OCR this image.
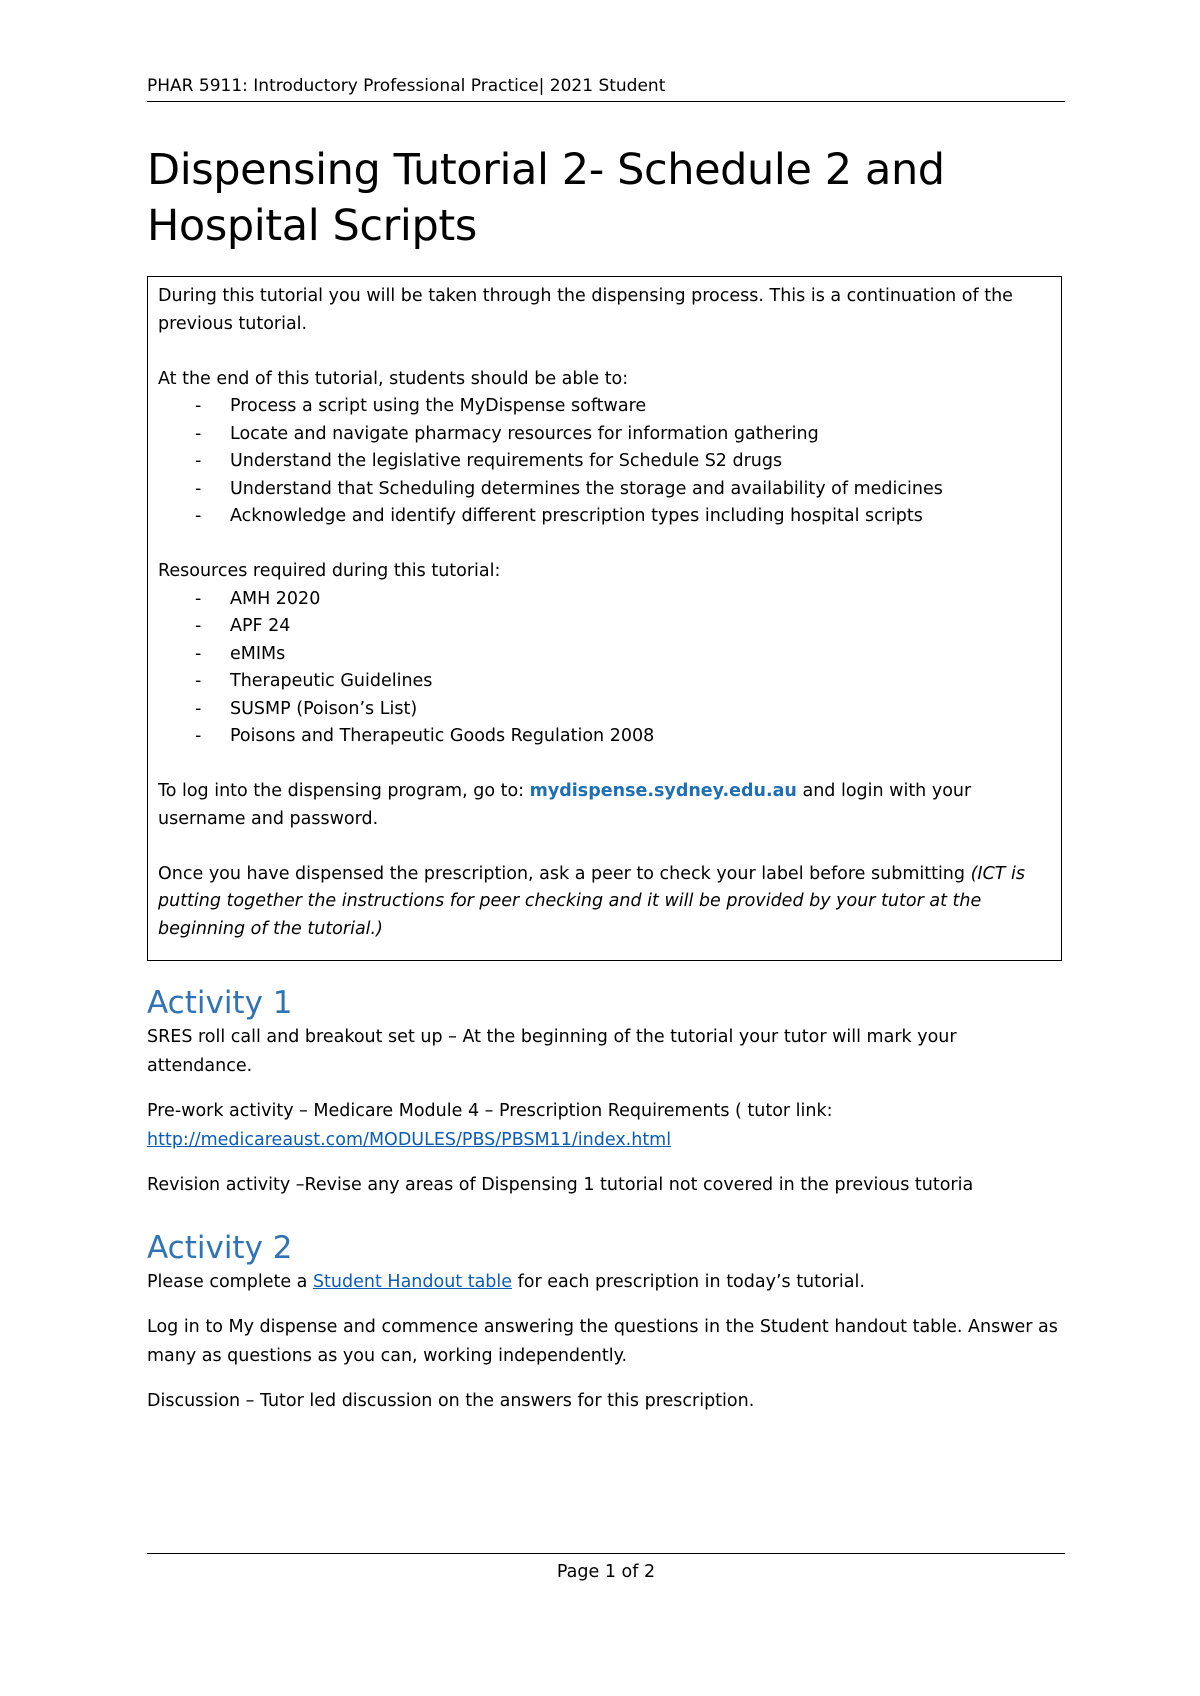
PHAR 5911: Introductory Professional Practice| 2021 Student
Dispensing Tutorial 2- Schedule 2 and
Hospital Scripts

During this tutorial you will be taken through the dispensing process. This is a continuation of the previous tutorial.

At the end of this tutorial, students should be able to:

- Process a script using the MyDispense software
- Locate and navigate pharmacy resources for information gathering
- Understand the legislative requirements for Schedule S2 drugs
- Understand that Scheduling determines the storage and availability of medicines
- Acknowledge and identify different prescription types including hospital scripts

Resources required during this tutorial:

- AMH 2020
- APF 24
- eMIMs
- Therapeutic Guidelines
- SUSMP (Poison’s List)
- Poisons and Therapeutic Goods Regulation 2008

To log into the dispensing program, go to: mydispense.sydney.edu.au and login with your username and password.

Once you have dispensed the prescription, ask a peer to check your label before submitting (ICT is putting together the instructions for peer checking and it will be provided by your tutor at the beginning of the tutorial.)

Activity 1

SRES roll call and breakout set up – At the beginning of the tutorial your tutor will mark your attendance.

Pre-work activity – Medicare Module 4 – Prescription Requirements ( tutor link:
http://medicareaust.com/MODULES/PBS/PBSM11/index.html

Revision activity –Revise any areas of Dispensing 1 tutorial not covered in the previous tutoria

Activity 2

Please complete a Student Handout table for each prescription in today’s tutorial.

Log in to My dispense and commence answering the questions in the Student handout table. Answer as many as questions as you can, working independently.

Discussion – Tutor led discussion on the answers for this prescription.

Page 1 of 2
